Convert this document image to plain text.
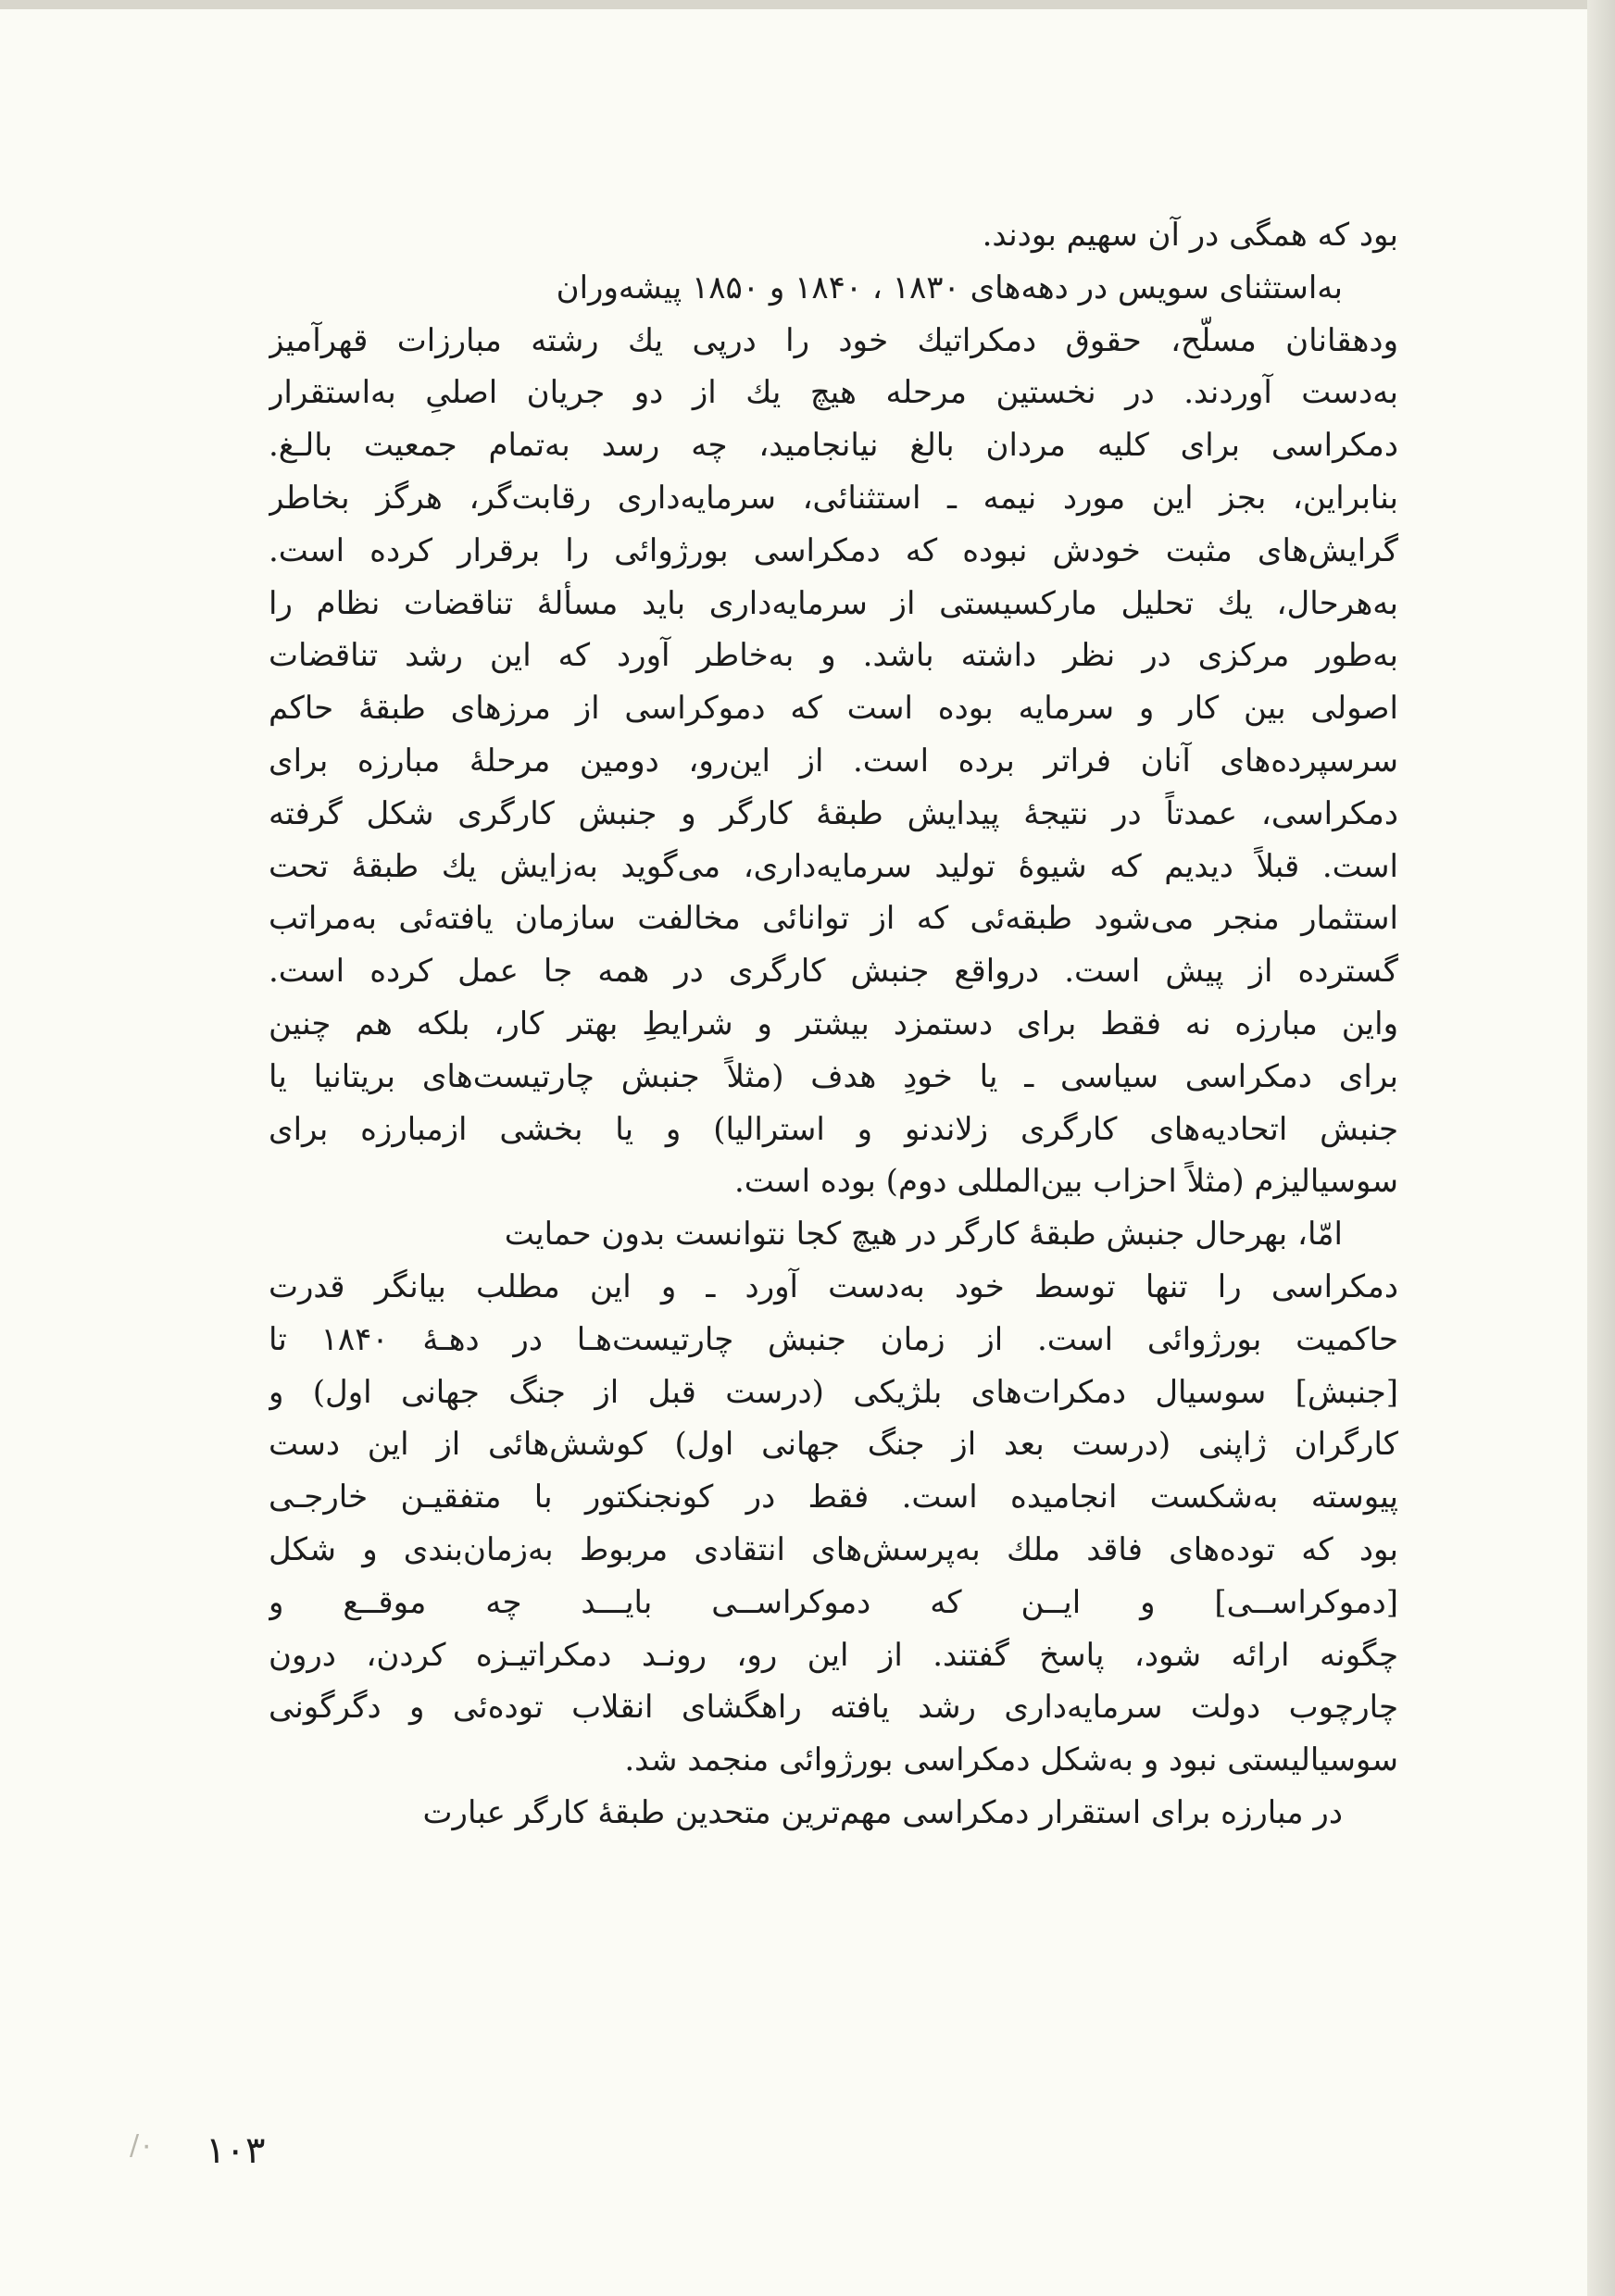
بود که همگی در آن سهیم بودند.
به‌استثنای سویس در دهه‌های ۱۸۳۰ ، ۱۸۴۰ و ۱۸۵۰ پیشه‌وران
ودهقانان مسلّح، حقوق دمکراتیك خود را درپی يك رشته مبارزات قهرآمیز
به‌دست آوردند. در نخستین مرحله هیچ يك از دو جریان اصلیِ به‌استقرار
دمکراسی برای کلیه مردان بالغ نیانجامید، چه رسد به‌تمام جمعیت بالـغ.
بنابراین، بجز این مورد نیمه ـ استثنائی، سرمایه‌داری رقابت‌گر، هرگز بخاطر
گرایش‌های مثبت خودش نبوده که دمکراسی بورژوائی را برقرار کرده است.
به‌هرحال، يك تحلیل مارکسیستی از سرمایه‌داری باید مسألهٔ تناقضات نظام را
به‌طور مرکزی در نظر داشته باشد. و به‌خاطر آورد که این رشد تناقضات
اصولی بین کار و سرمایه بوده است که دموکراسی از مرزهای طبقهٔ حاکم
سرسپرده‌های آنان فراتر برده است. از این‌رو، دومین مرحلهٔ مبارزه برای
دمکراسی، عمدتاً در نتیجهٔ پیدایش طبقهٔ کارگر و جنبش کارگری شکل گرفته
است. قبلاً دیدیم که شیوهٔ تولید سرمایه‌داری، می‌گوید به‌زایش يك طبقهٔ تحت
استثمار منجر می‌شود طبقه‌ئی که از توانائی مخالفت سازمان یافته‌ئی به‌مراتب
گسترده از پیش است. درواقع جنبش کارگری در همه جا عمل کرده است.
واین مبارزه نه فقط برای دستمزد بیشتر و شرایطِ بهتر کار، بلکه هم چنین
برای دمکراسی سیاسی ـ یا خودِ هدف (مثلاً جنبش چارتیست‌های بریتانیا یا
جنبش اتحادیه‌های کارگری زلاندنو و استرالیا) و یا بخشی ازمبارزه برای
سوسیالیزم (مثلاً احزاب بین‌المللی دوم) بوده است.
امّا، بهرحال جنبش طبقهٔ کارگر در هیچ کجا نتوانست بدون حمایت
دمکراسی را تنها توسط خود به‌دست آورد ـ و این مطلب بیانگر قدرت
حاکمیت بورژوائی است. از زمان جنبش چارتیست‌هـا در دهـهٔ ۱۸۴۰ تا
[جنبش] سوسیال دمکرات‌های بلژیکی (درست قبل از جنگ جهانی اول) و
کارگران ژاپنی (درست بعد از جنگ جهانی اول) کوشش‌هائی از این دست
پیوسته به‌شکست انجامیده است. فقط در کونجنکتور با متفقیـن خارجـی
بود که توده‌های فاقد ملك به‌پرسش‌های انتقادی مربوط به‌زمان‌بندی و شکل
[دموکراســی] و ایــن که دموکراســی بایـــد چه موقــع و
چگونه ارائه شود، پاسخ گفتند. از این رو، رونـد دمکراتیـزه کردن، درون
چارچوب دولت سرمایه‌داری رشد یافته راهگشای انقلاب توده‌ئی و دگرگونی
سوسیالیستی نبود و به‌شکل دمکراسی بورژوائی منجمد شد.
در مبارزه برای استقرار دمکراسی مهم‌ترین متحدین طبقهٔ کارگر عبارت
/۰ ۱۰۳
